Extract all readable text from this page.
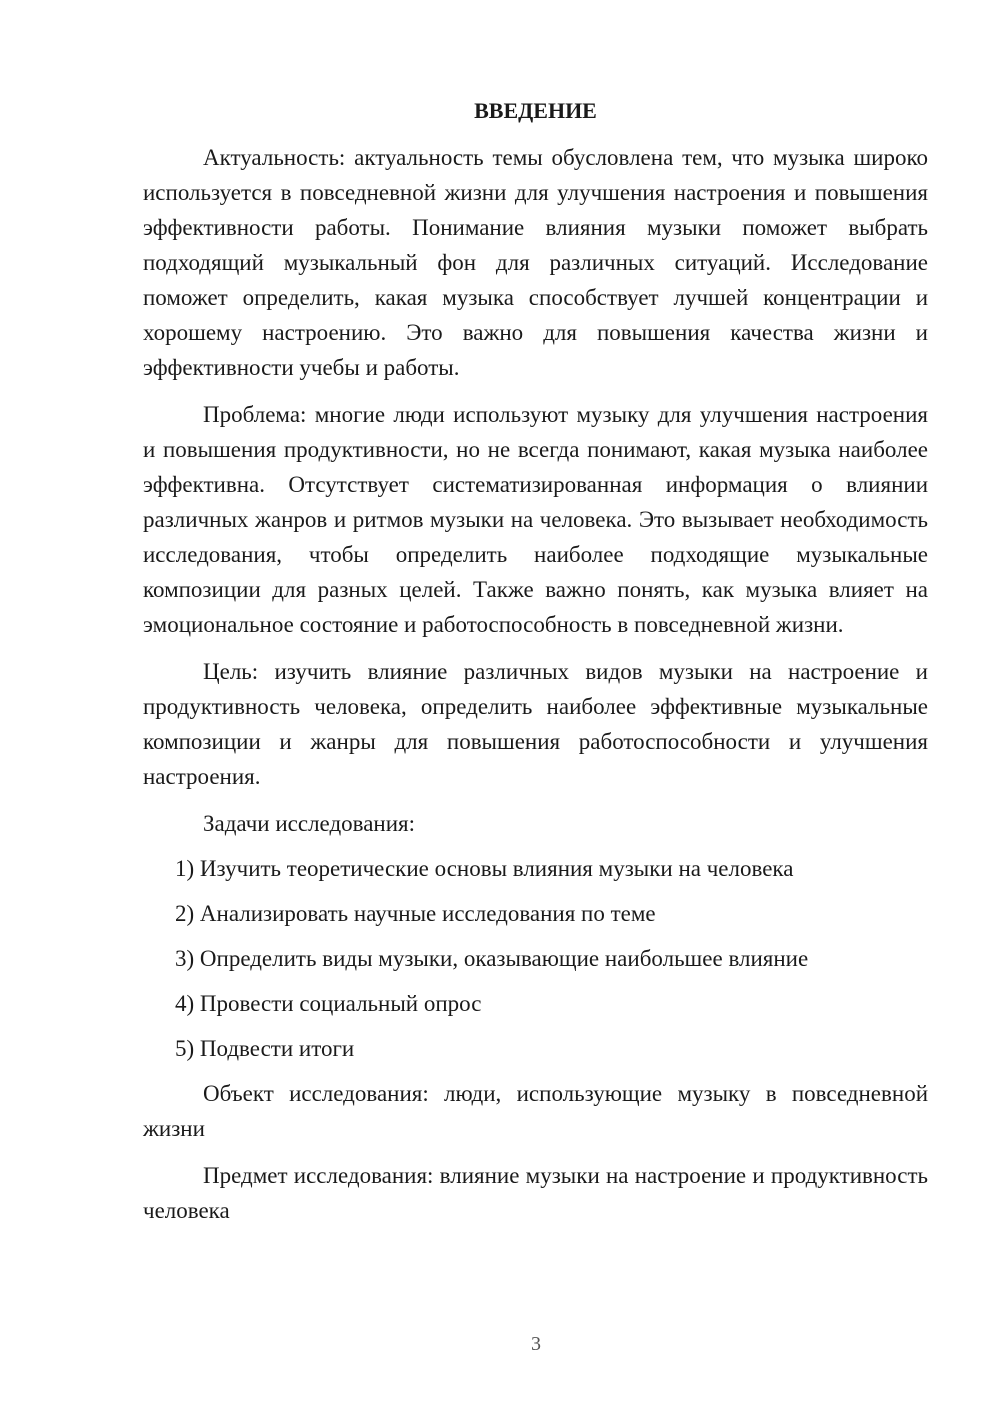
ВВЕДЕНИЕ

Актуальность: актуальность темы обусловлена тем, что музыка широко используется в повседневной жизни для улучшения настроения и повышения эффективности работы. Понимание влияния музыки поможет выбрать подходящий музыкальный фон для различных ситуаций. Исследование поможет определить, какая музыка способствует лучшей концентрации и хорошему настроению. Это важно для повышения качества жизни и эффективности учебы и работы.

Проблема: многие люди используют музыку для улучшения настроения и повышения продуктивности, но не всегда понимают, какая музыка наиболее эффективна. Отсутствует систематизированная информация о влиянии различных жанров и ритмов музыки на человека. Это вызывает необходимость исследования, чтобы определить наиболее подходящие музыкальные композиции для разных целей. Также важно понять, как музыка влияет на эмоциональное состояние и работоспособность в повседневной жизни.

Цель: изучить влияние различных видов музыки на настроение и продуктивность человека, определить наиболее эффективные музыкальные композиции и жанры для повышения работоспособности и улучшения настроения.

Задачи исследования:

1) Изучить теоретические основы влияния музыки на человека
2) Анализировать научные исследования по теме
3) Определить виды музыки, оказывающие наибольшее влияние
4) Провести социальный опрос
5) Подвести итоги

Объект исследования: люди, использующие музыку в повседневной жизни

Предмет исследования: влияние музыки на настроение и продуктивность человека

3
